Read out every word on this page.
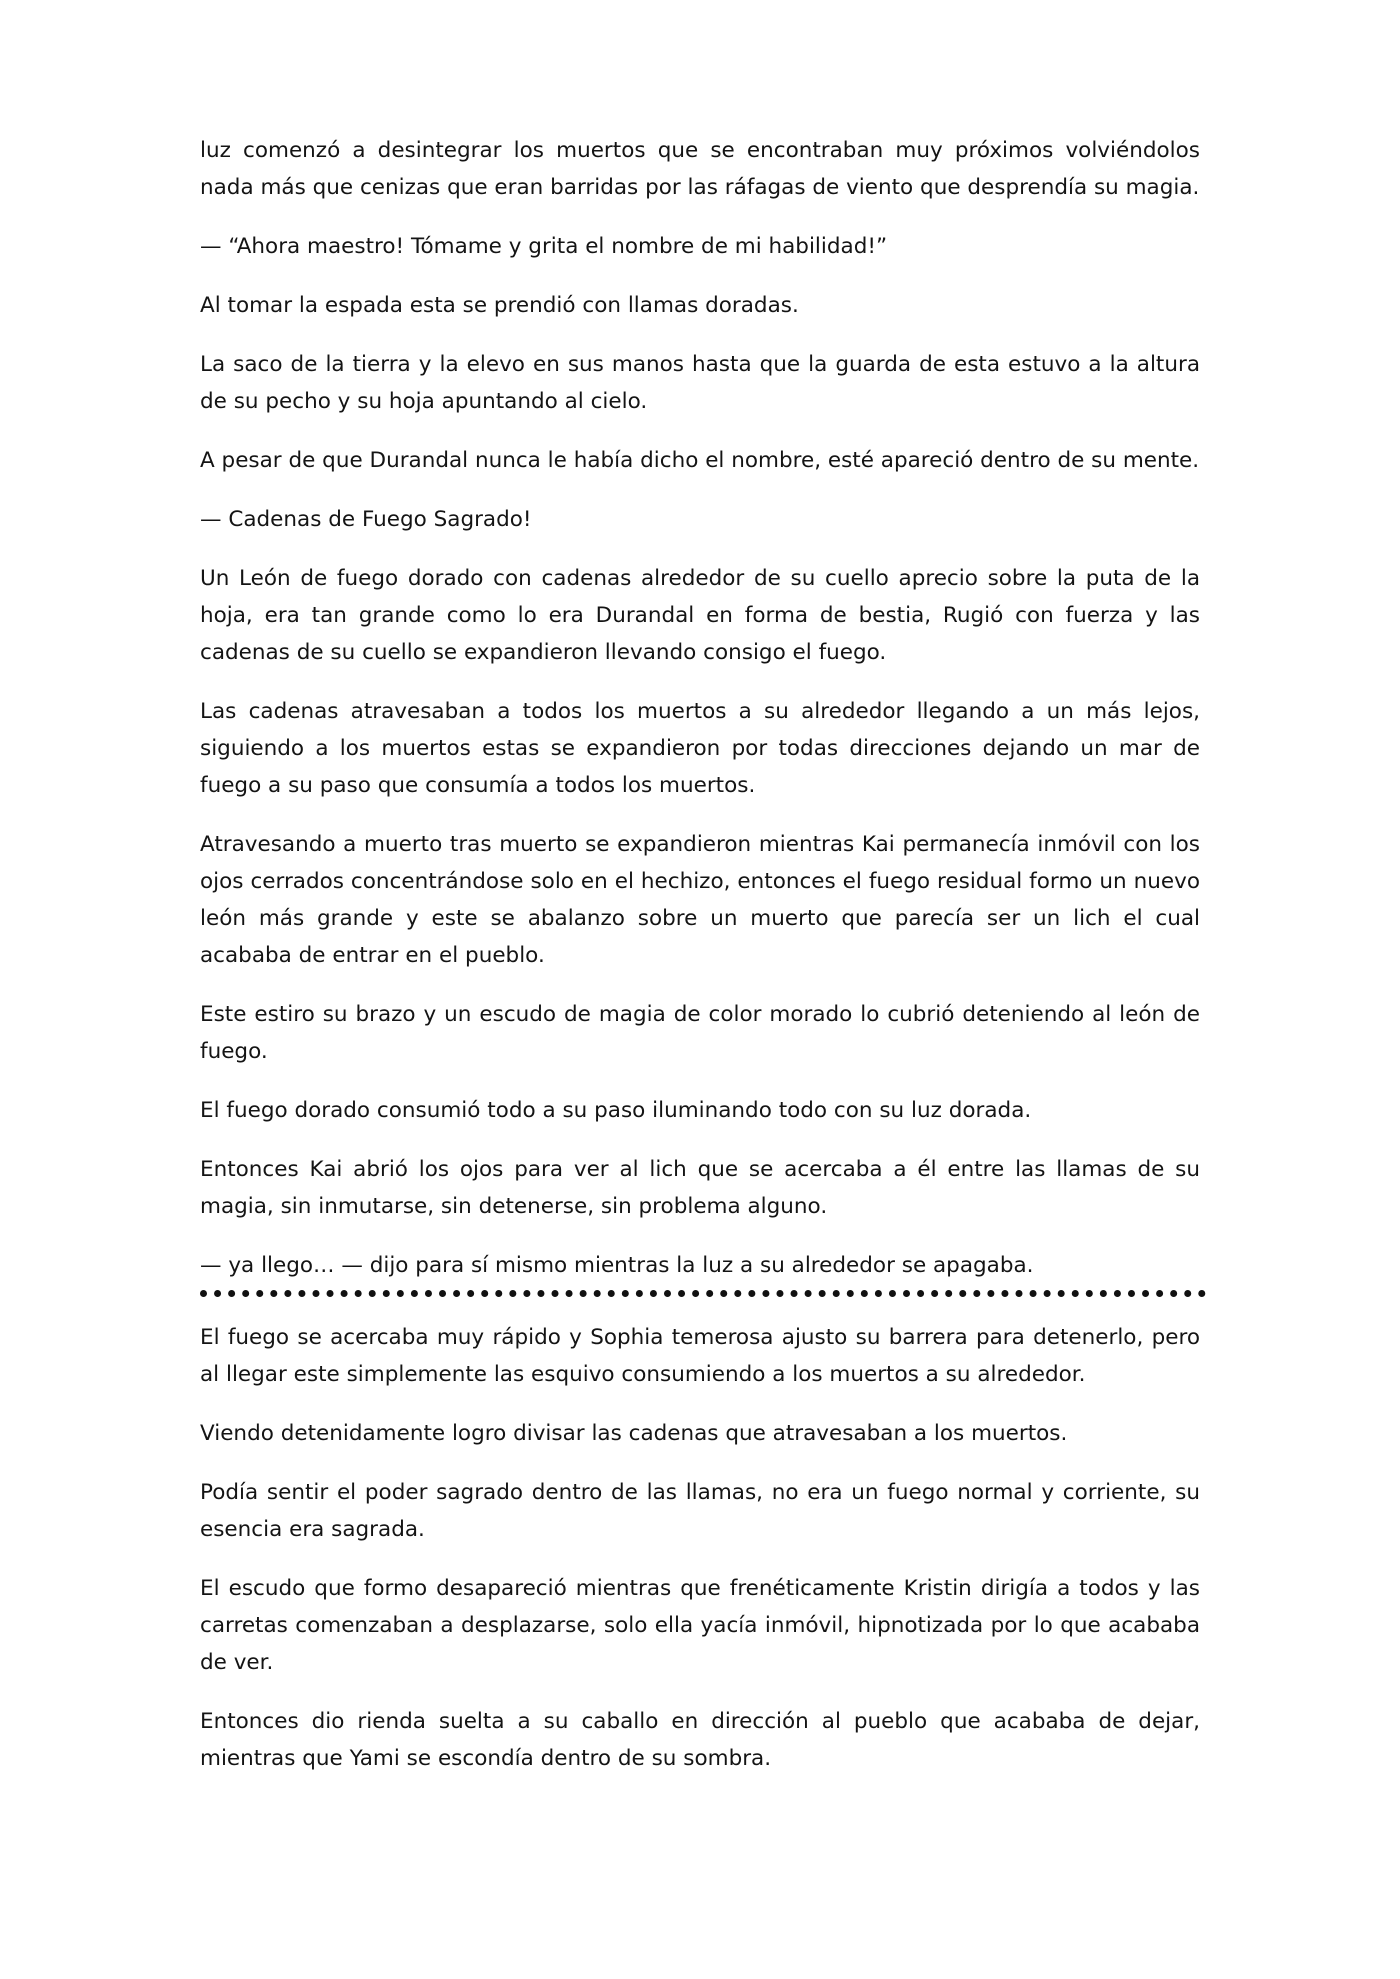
luz comenzó a desintegrar los muertos que se encontraban muy próximos volviéndolos nada más que cenizas que eran barridas por las ráfagas de viento que desprendía su magia.

— “Ahora maestro! Tómame y grita el nombre de mi habilidad!”

Al tomar la espada esta se prendió con llamas doradas.

La saco de la tierra y la elevo en sus manos hasta que la guarda de esta estuvo a la altura de su pecho y su hoja apuntando al cielo.

A pesar de que Durandal nunca le había dicho el nombre, esté apareció dentro de su mente.

— Cadenas de Fuego Sagrado!

Un León de fuego dorado con cadenas alrededor de su cuello aprecio sobre la puta de la hoja, era tan grande como lo era Durandal en forma de bestia, Rugió con fuerza y las cadenas de su cuello se expandieron llevando consigo el fuego.

Las cadenas atravesaban a todos los muertos a su alrededor llegando a un más lejos, siguiendo a los muertos estas se expandieron por todas direcciones dejando un mar de fuego a su paso que consumía a todos los muertos.

Atravesando a muerto tras muerto se expandieron mientras Kai permanecía inmóvil con los ojos cerrados concentrándose solo en el hechizo, entonces el fuego residual formo un nuevo león más grande y este se abalanzo sobre un muerto que parecía ser un lich el cual acababa de entrar en el pueblo.

Este estiro su brazo y un escudo de magia de color morado lo cubrió deteniendo al león de fuego.

El fuego dorado consumió todo a su paso iluminando todo con su luz dorada.

Entonces Kai abrió los ojos para ver al lich que se acercaba a él entre las llamas de su magia, sin inmutarse, sin detenerse, sin problema alguno.

— ya llego… — dijo para sí mismo mientras la luz a su alrededor se apagaba.

El fuego se acercaba muy rápido y Sophia temerosa ajusto su barrera para detenerlo, pero al llegar este simplemente las esquivo consumiendo a los muertos a su alrededor.

Viendo detenidamente logro divisar las cadenas que atravesaban a los muertos.

Podía sentir el poder sagrado dentro de las llamas, no era un fuego normal y corriente, su esencia era sagrada.

El escudo que formo desapareció mientras que frenéticamente Kristin dirigía a todos y las carretas comenzaban a desplazarse, solo ella yacía inmóvil, hipnotizada por lo que acababa de ver.

Entonces dio rienda suelta a su caballo en dirección al pueblo que acababa de dejar, mientras que Yami se escondía dentro de su sombra.
